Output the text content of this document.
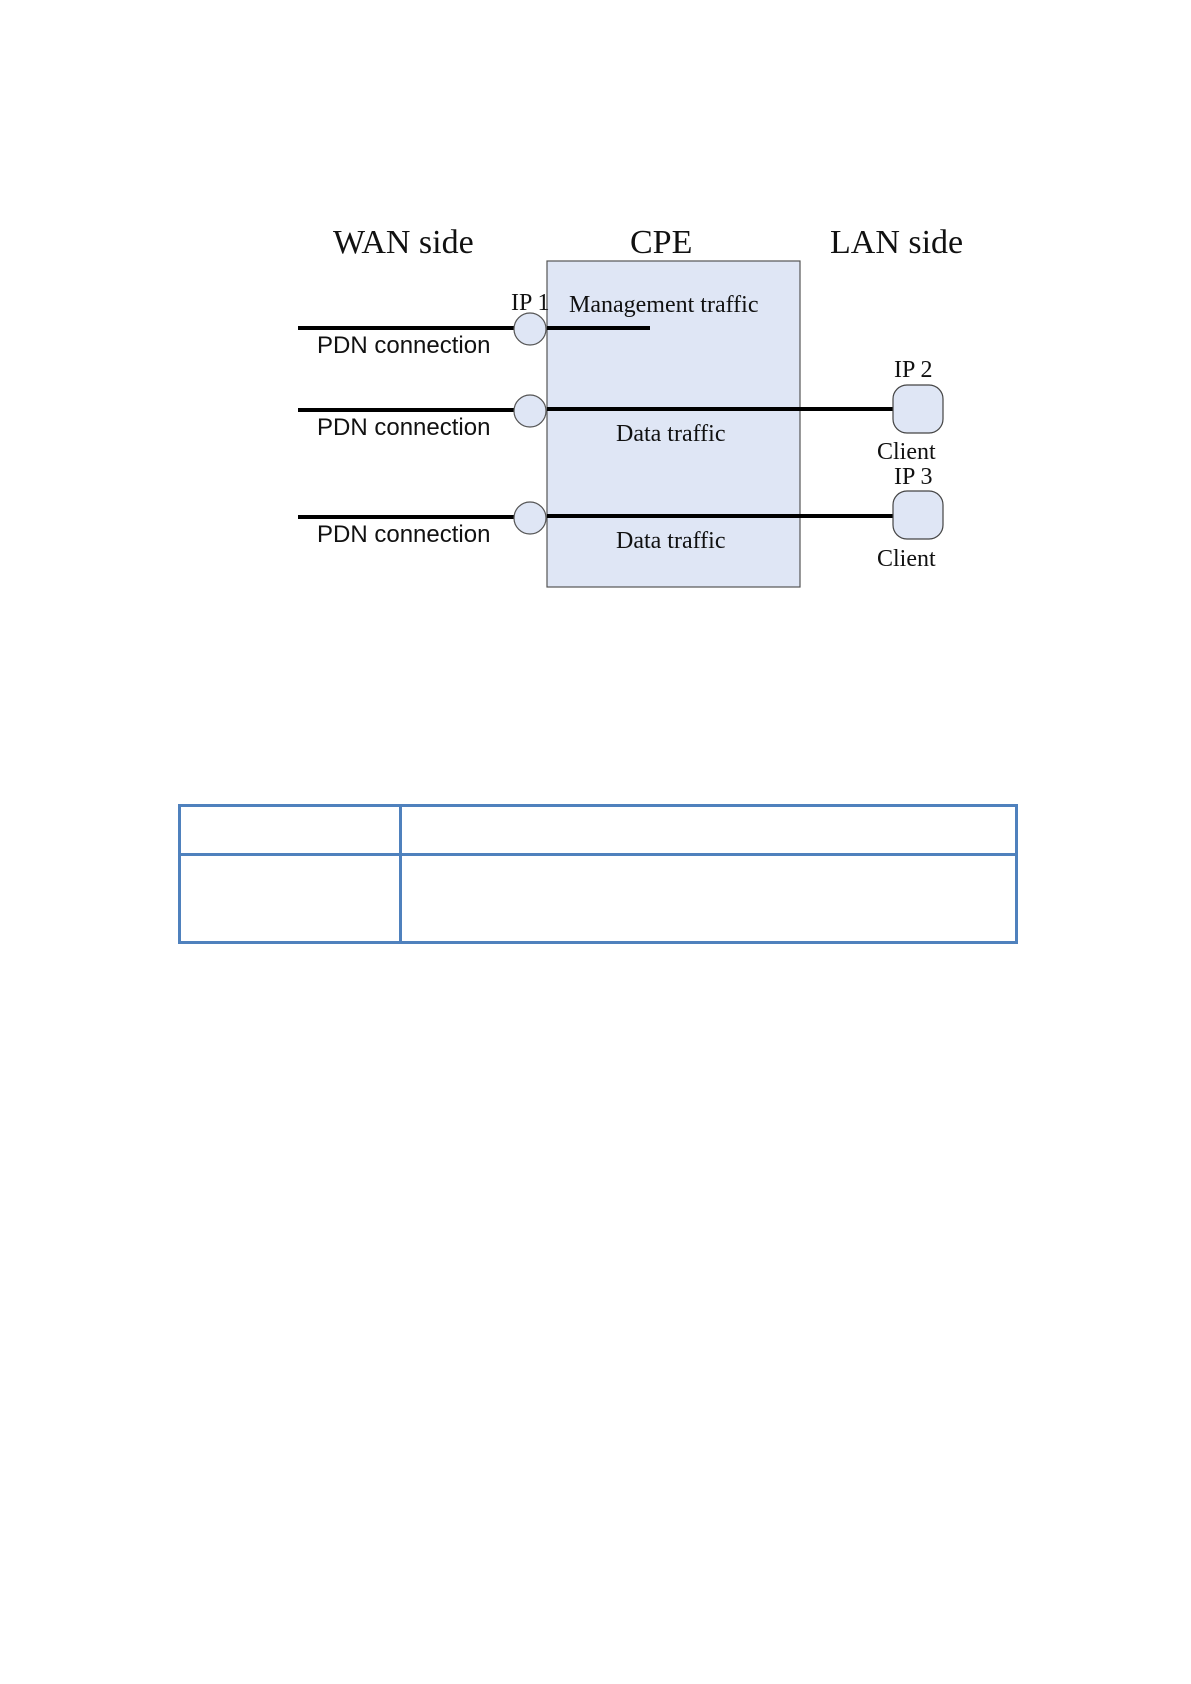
WAN side	CPE	LAN side
IP 1 Management traffic
PDN connection
IP 2
Data traffic
Client
PDN connection
IP 3
Data traffic
Client
PDN connection
